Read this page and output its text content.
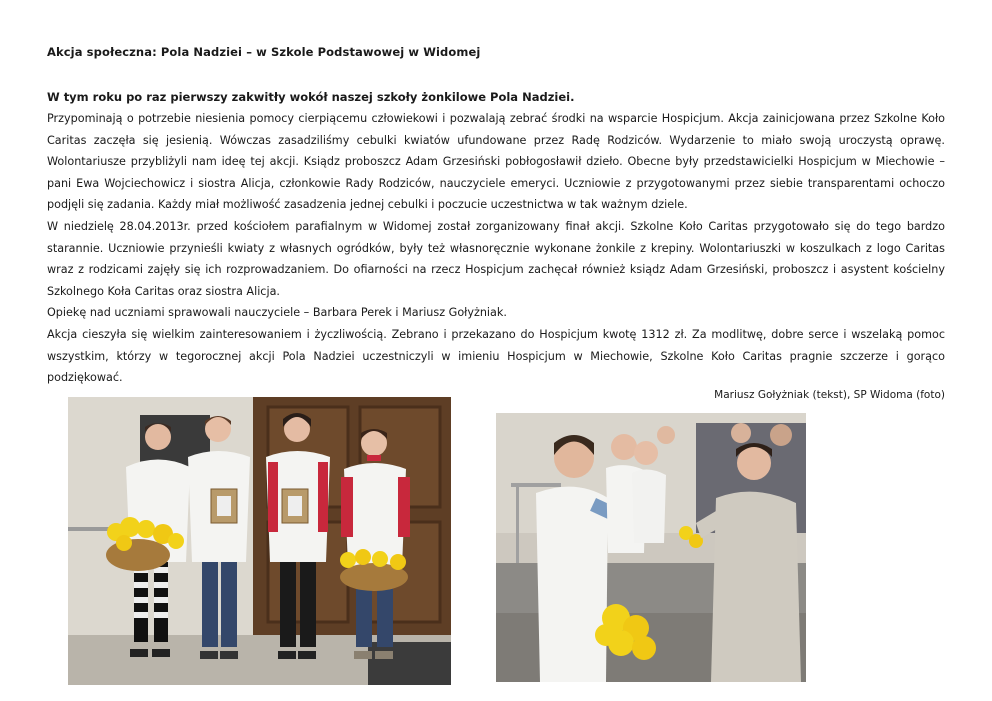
Akcja społeczna: Pola Nadziei – w Szkole Podstawowej w Widomej
W tym roku po raz pierwszy zakwitły wokół naszej szkoły żonkilowe Pola Nadziei.

Przypominają o potrzebie niesienia pomocy cierpiącemu człowiekowi i pozwalają zebrać środki na wsparcie Hospicjum. Akcja zainicjowana przez Szkolne Koło Caritas zaczęła się jesienią. Wówczas zasadziliśmy cebulki kwiatów ufundowane przez Radę Rodziców. Wydarzenie to miało swoją uroczystą oprawę. Wolontariusze przybliżyli nam ideę tej akcji. Ksiądz proboszcz Adam Grzesiński pobłogosławił dzieło. Obecne były przedstawicielki Hospicjum w Miechowie – pani Ewa Wojciechowicz i siostra Alicja, członkowie Rady Rodziców, nauczyciele emeryci. Uczniowie z przygotowanymi przez siebie transparentami ochoczo podjęli się zadania. Każdy miał możliwość zasadzenia jednej cebulki i poczucie uczestnictwa w tak ważnym dziele.

W niedzielę 28.04.2013r. przed kościołem parafialnym w Widomej został zorganizowany finał akcji. Szkolne Koło Caritas przygotowało się do tego bardzo starannie. Uczniowie przynieśli kwiaty z własnych ogródków, były też własnoręcznie wykonane żonkile z krepiny. Wolontariuszki w koszulkach z logo Caritas wraz z rodzicami zajęły się ich rozprowadzaniem. Do ofiarności na rzecz Hospicjum zachęcał również ksiądz Adam Grzesiński, proboszcz i asystent kościelny Szkolnego Koła Caritas oraz siostra Alicja.

Opiekę nad uczniami sprawowali nauczyciele – Barbara Perek i Mariusz Gołyżniak.

Akcja cieszyła się wielkim zainteresowaniem i życzliwością. Zebrano i przekazano do Hospicjum kwotę 1312 zł. Za modlitwę, dobre serce i wszelaką pomoc wszystkim, którzy w tegorocznej akcji Pola Nadziei uczestniczyli w imieniu Hospicjum w Miechowie, Szkolne Koło Caritas pragnie szczerze i gorąco podziękować.

Mariusz Gołyżniak (tekst), SP Widoma (foto)
